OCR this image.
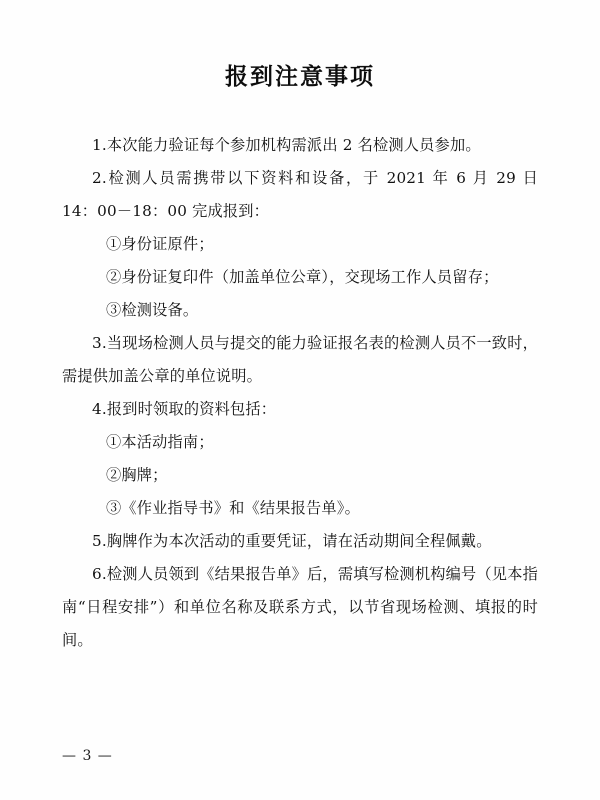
报到注意事项

1.本次能力验证每个参加机构需派出 2 名检测人员参加。

2.检测人员需携带以下资料和设备，于 2021 年 6 月 29 日 14：00－18：00 完成报到：

①身份证原件；

②身份证复印件（加盖单位公章），交现场工作人员留存；

③检测设备。

3.当现场检测人员与提交的能力验证报名表的检测人员不一致时，需提供加盖公章的单位说明。

4.报到时领取的资料包括：

①本活动指南；

②胸牌；

③《作业指导书》和《结果报告单》。

5.胸牌作为本次活动的重要凭证，请在活动期间全程佩戴。

6.检测人员领到《结果报告单》后，需填写检测机构编号（见本指南“日程安排”）和单位名称及联系方式，以节省现场检测、填报的时间。

— 3 —
